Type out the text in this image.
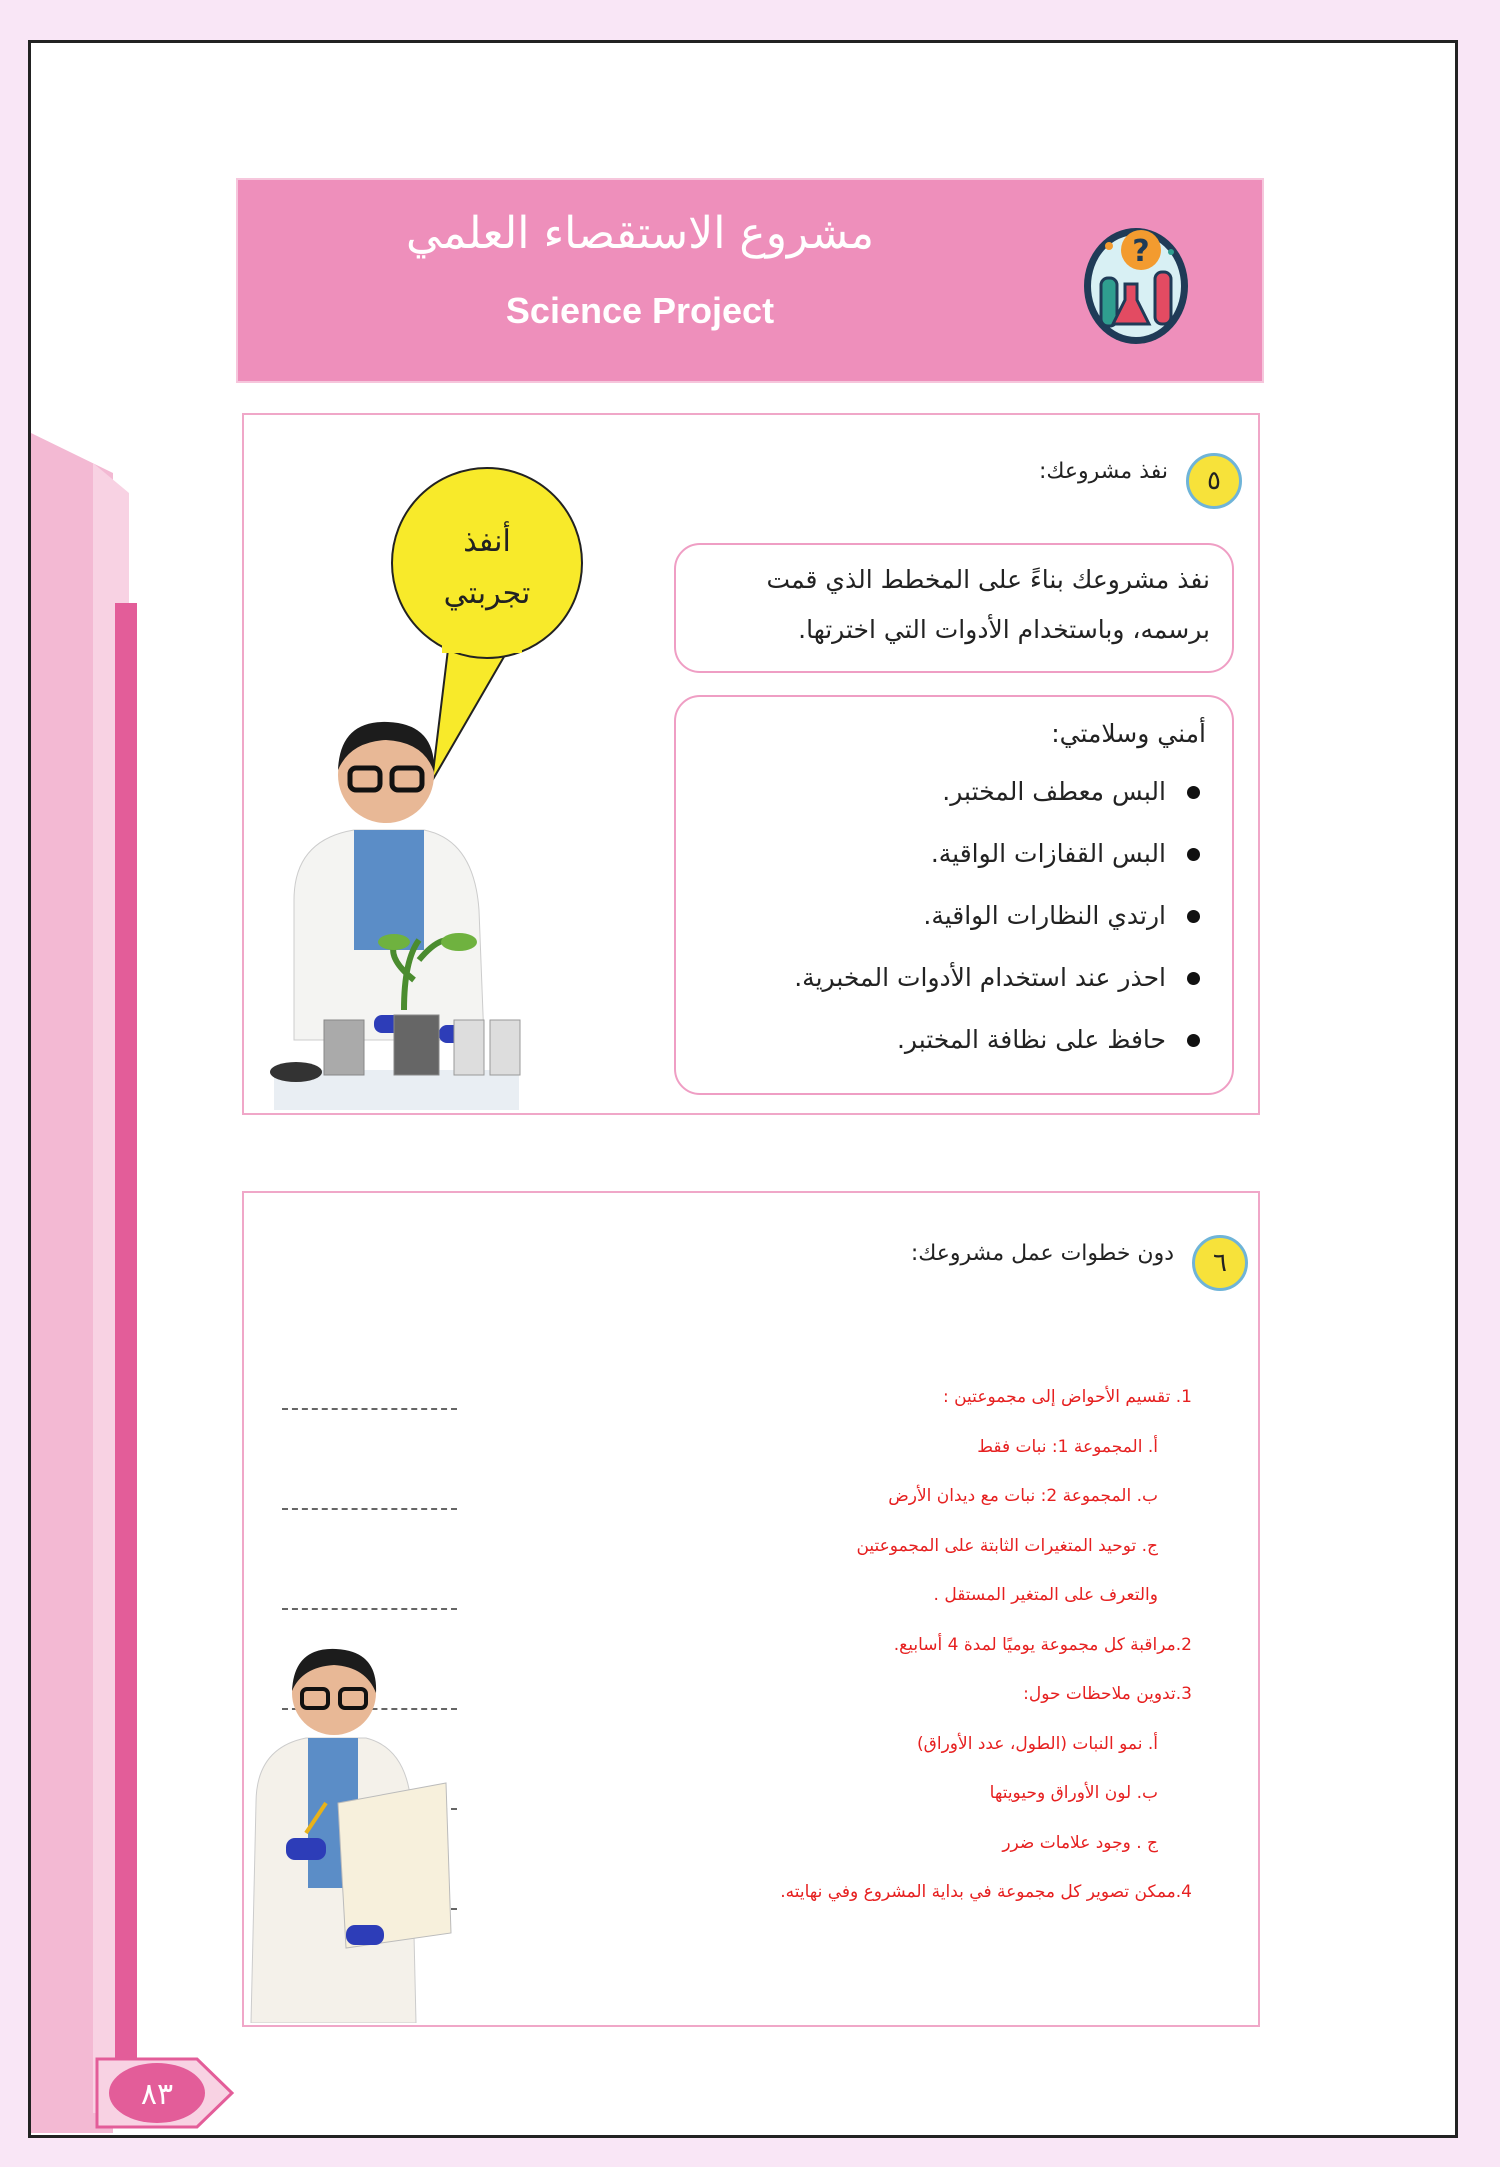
مشروع الاستقصاء العلمي
Science Project
?
٥
نفذ مشروعك:
نفذ مشروعك بناءً على المخطط الذي قمت برسمه، وباستخدام الأدوات التي اخترتها.
أمني وسلامتي:
البس معطف المختبر.
البس القفازات الواقية.
ارتدي النظارات الواقية.
احذر عند استخدام الأدوات المخبرية.
حافظ على نظافة المختبر.
أنفذ
تجربتي
٦
دون خطوات عمل مشروعك:
1. تقسيم الأحواض إلى مجموعتين :
أ. المجموعة 1: نبات فقط
ب. المجموعة 2: نبات مع ديدان الأرض
ج. توحيد المتغيرات الثابتة على المجموعتين
والتعرف على المتغير المستقل .
2.مراقبة كل مجموعة يوميًا لمدة 4 أسابيع.
3.تدوين ملاحظات حول:
أ. نمو النبات (الطول، عدد الأوراق)
ب. لون الأوراق وحيويتها
ج . وجود علامات ضرر
4.ممكن تصوير كل مجموعة في بداية المشروع وفي نهايته.
٨٣
